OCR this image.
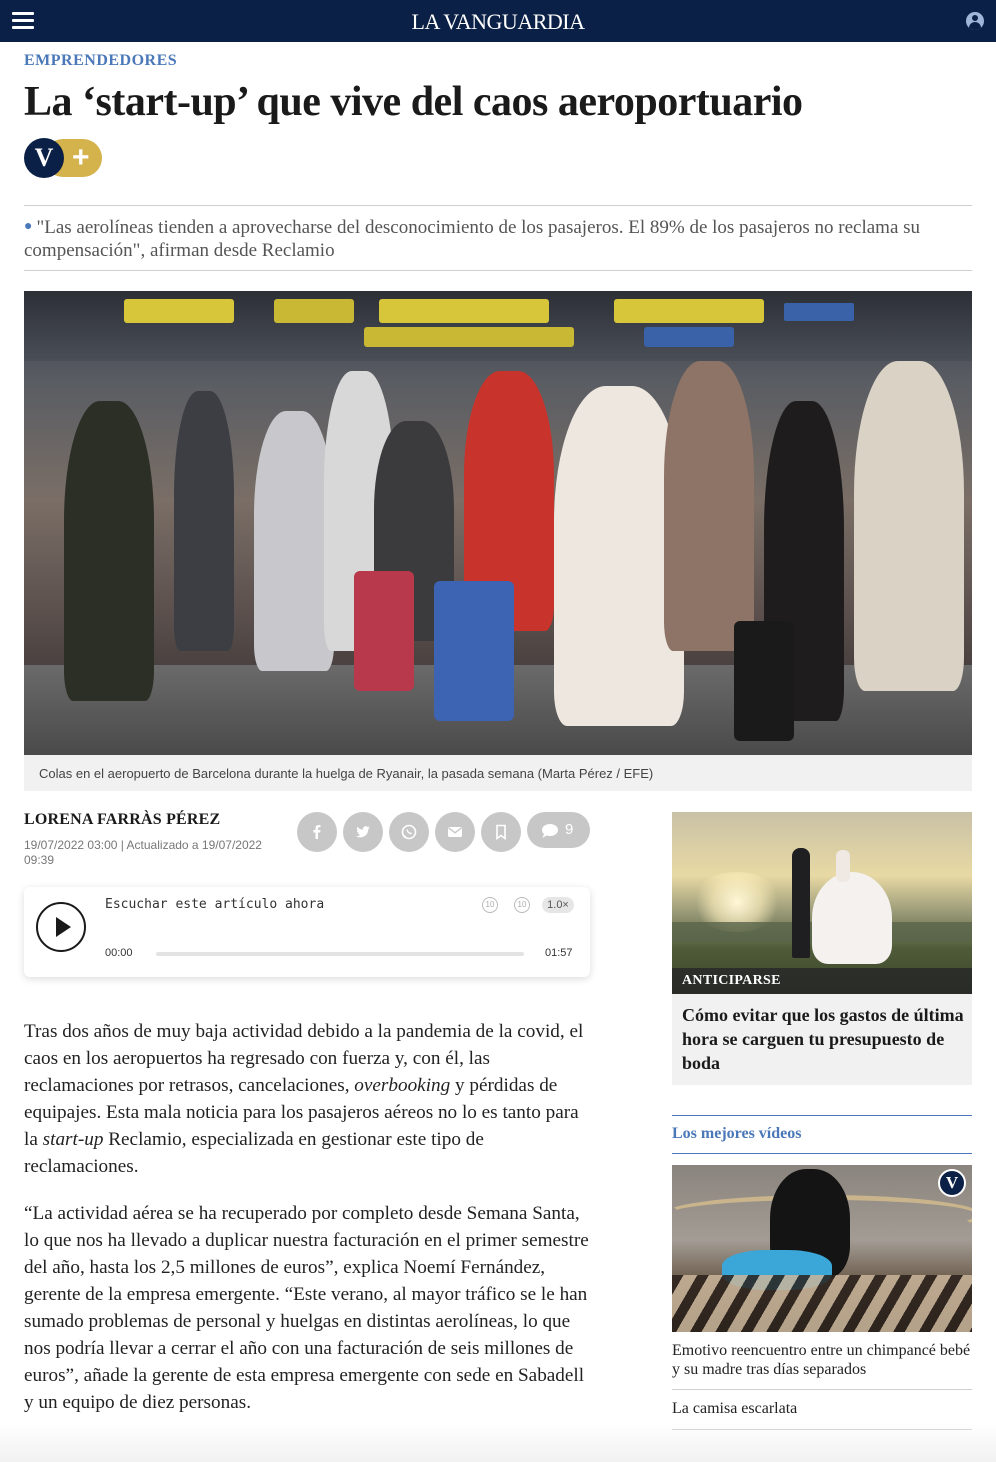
LA VANGUARDIA
EMPRENDEDORES
La ‘start-up’ que vive del caos aeroportuario
V +

● "Las aerolíneas tienden a aprovecharse del desconocimiento de los pasajeros. El 89% de los pasajeros no reclama su compensación", afirman desde Reclamio

Colas en el aeropuerto de Barcelona durante la huelga de Ryanair, la pasada semana (Marta Pérez / EFE)
LORENA FARRÀS PÉREZ
19/07/2022 03:00 | Actualizado a 19/07/2022 09:39
9
Escuchar este artículo ahora	10	10	1.0×
00:00	01:57

Tras dos años de muy baja actividad debido a la pandemia de la covid, el caos en los aeropuertos ha regresado con fuerza y, con él, las reclamaciones por retrasos, cancelaciones, overbooking y pérdidas de equipajes. Esta mala noticia para los pasajeros aéreos no lo es tanto para la start-up Reclamio, especializada en gestionar este tipo de reclamaciones.

“La actividad aérea se ha recuperado por completo desde Semana Santa, lo que nos ha llevado a duplicar nuestra facturación en el primer semestre del año, hasta los 2,5 millones de euros”, explica Noemí Fernández, gerente de la empresa emergente. “Este verano, al mayor tráfico se le han sumado problemas de personal y huelgas en distintas aerolíneas, lo que nos podría llevar a cerrar el año con una facturación de seis millones de euros”, añade la gerente de esta empresa emergente con sede en Sabadell y un equipo de diez personas.

ANTICIPARSE
Cómo evitar que los gastos de última hora se carguen tu presupuesto de boda
Los mejores vídeos
V
Emotivo reencuentro entre un chimpancé bebé y su madre tras días separados
La camisa escarlata
